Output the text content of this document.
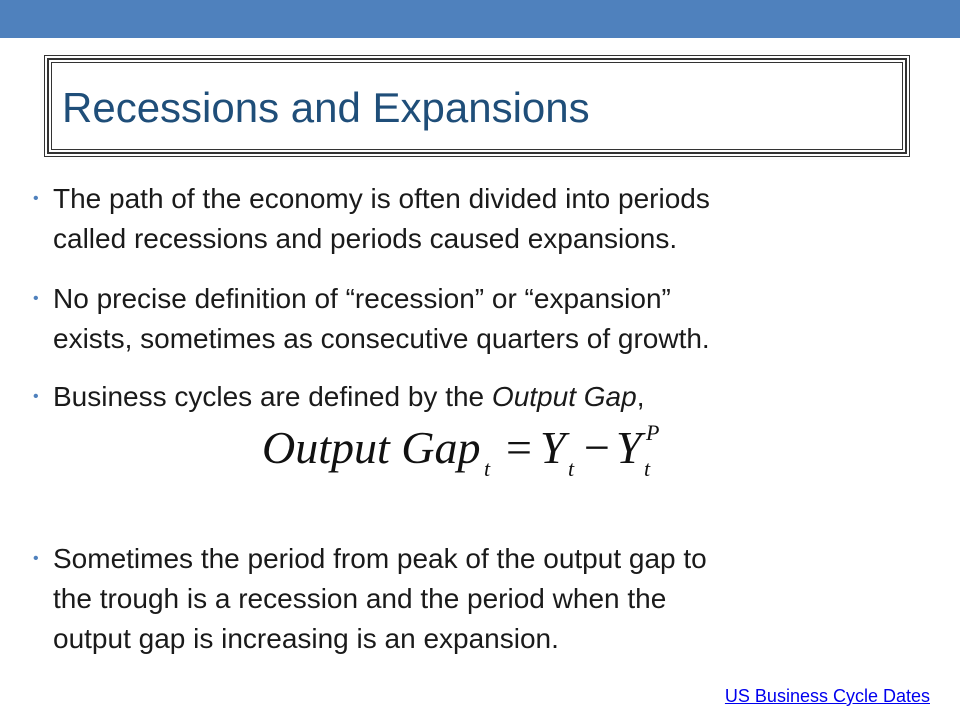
Recessions and Expansions
• The path of the economy is often divided into periods
called recessions and periods caused expansions.
• No precise definition of “recession” or “expansion”
exists, sometimes as consecutive quarters of growth.
• Business cycles are defined by the Output Gap,
Output Gap t = Y t − Y t
P
• Sometimes the period from peak of the output gap to
the trough is a recession and the period when the
output gap is increasing is an expansion.
US Business Cycle Dates
